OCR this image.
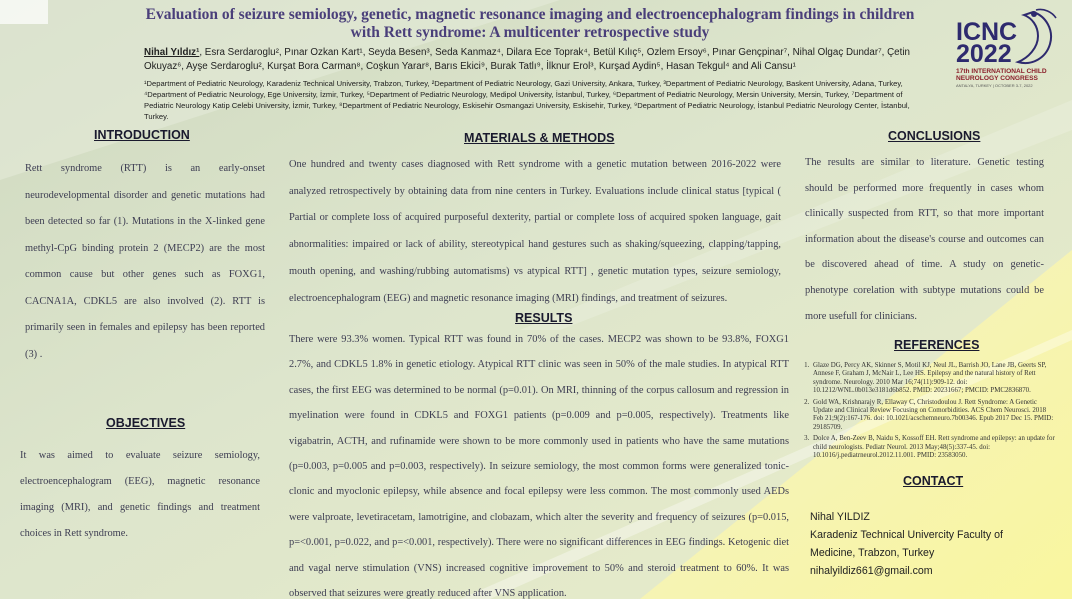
Evaluation of seizure semiology, genetic, magnetic resonance imaging and electroencephalogram findings in children
with Rett syndrome: A multicenter retrospective study
Nihal Yıldız¹, Esra Serdaroglu², Pınar Ozkan Kart¹, Seyda Besen³, Seda Kanmaz⁴, Dilara Ece Toprak⁴, Betül Kılıç⁵, Ozlem Ersoy⁶, Pınar Gençpinar⁷, Nihal Olgaç Dundar⁷, Çetin Okuyaz⁶, Ayşe Serdaroglu², Kurşat Bora Carman⁸, Coşkun Yarar⁸, Barıs Ekici⁹, Burak Tatlı⁹, İlknur Erol³, Kurşad Aydin⁵, Hasan Tekgul⁴ and Ali Cansu¹
¹Department of Pediatric Neurology, Karadeniz Technical University, Trabzon, Turkey, ²Department of Pediatric Neurology, Gazi University, Ankara, Turkey, ³Department of Pediatric Neurology, Baskent University, Adana, Turkey, ⁴Department of Pediatric Neurology, Ege University, İzmir, Turkey, ⁵Department of Pediatric Neurology, Medipol University, İstanbul, Turkey, ⁶Department of Pediatric Neurology, Mersin University, Mersin, Turkey, ⁷Department of Pediatric Neurology Katip Celebi University, İzmir, Turkey, ⁸Department of Pediatric Neurology, Eskisehir Osmangazi University, Eskisehir, Turkey, ⁹Department of Pediatric Neurology, İstanbul Pediatric Neurology Center, İstanbul, Turkey.
ICNC
2022
17th INTERNATIONAL CHILD NEUROLOGY CONGRESS
ANTALYA, TURKEY | OCTOBER 3-7, 2022
INTRODUCTION
Rett syndrome (RTT) is an early-onset neurodevelopmental disorder and genetic mutations had been detected so far (1). Mutations in the X-linked gene methyl-CpG binding protein 2 (MECP2) are the most common cause but other genes such as FOXG1, CACNA1A, CDKL5 are also involved (2). RTT is primarily seen in females and epilepsy has been reported (3) .
OBJECTIVES
It was aimed to evaluate seizure semiology, electroencephalogram (EEG), magnetic resonance imaging (MRI), and genetic findings and treatment choices in Rett syndrome.
MATERIALS & METHODS
One hundred and twenty cases diagnosed with Rett syndrome with a genetic mutation between 2016-2022 were analyzed retrospectively by obtaining data from nine centers in Turkey. Evaluations include clinical status [typical ( Partial or complete loss of acquired purposeful dexterity, partial or complete loss of acquired spoken language, gait abnormalities: impaired or lack of ability, stereotypical hand gestures such as shaking/squeezing, clapping/tapping, mouth opening, and washing/rubbing automatisms) vs atypical RTT] , genetic mutation types, seizure semiology, electroencephalogram (EEG) and magnetic resonance imaging (MRI) findings, and treatment of seizures.
RESULTS
There were 93.3% women. Typical RTT was found in 70% of the cases. MECP2 was shown to be 93.8%, FOXG1 2.7%, and CDKL5 1.8% in genetic etiology. Atypical RTT clinic was seen in 50% of the male studies. In atypical RTT cases, the first EEG was determined to be normal (p=0.01). On MRI, thinning of the corpus callosum and regression in myelination were found in CDKL5 and FOXG1 patients (p=0.009 and p=0.005, respectively). Treatments like vigabatrin, ACTH, and rufinamide were shown to be more commonly used in patients who have the same mutations (p=0.003, p=0.005 and p=0.003, respectively). In seizure semiology, the most common forms were generalized tonic-clonic and myoclonic epilepsy, while absence and focal epilepsy were less common. The most commonly used AEDs were valproate, levetiracetam, lamotrigine, and clobazam, which alter the severity and frequency of seizures (p=0.015, p=<0.001, p=0.022, and p=<0.001, respectively). There were no significant differences in EEG findings. Ketogenic diet and vagal nerve stimulation (VNS) increased cognitive improvement to 50% and steroid treatment to 60%. It was observed that seizures were greatly reduced after VNS application.
CONCLUSIONS
The results are similar to literature. Genetic testing should be performed more frequently in cases whom clinically suspected from RTT, so that more important information about the disease's course and outcomes can be discovered ahead of time. A study on genetic-phenotype corelation with subtype mutations could be more usefull for clinicians.
REFERENCES
1. Glaze DG, Percy AK, Skinner S, Motil KJ, Neul JL, Barrish JO, Lane JB, Geerts SP, Annese F, Graham J, McNair L, Lee HS. Epilepsy and the natural history of Rett syndrome. Neurology. 2010 Mar 16;74(11):909-12. doi: 10.1212/WNL.0b013e3181d6b852. PMID: 20231667; PMCID: PMC2836870.
2. Gold WA, Krishnarajy R, Ellaway C, Christodoulou J. Rett Syndrome: A Genetic Update and Clinical Review Focusing on Comorbidities. ACS Chem Neurosci. 2018 Feb 21;9(2):167-176. doi: 10.1021/acschemneuro.7b00346. Epub 2017 Dec 15. PMID: 29185709.
3. Dolce A, Ben-Zeev B, Naidu S, Kossoff EH. Rett syndrome and epilepsy: an update for child neurologists. Pediatr Neurol. 2013 May;48(5):337-45. doi: 10.1016/j.pediatrneurol.2012.11.001. PMID: 23583050.
CONTACT
Nihal YILDIZ
Karadeniz Technical Univercity Faculty of
Medicine, Trabzon, Turkey
nihalyildiz661@gmail.com
